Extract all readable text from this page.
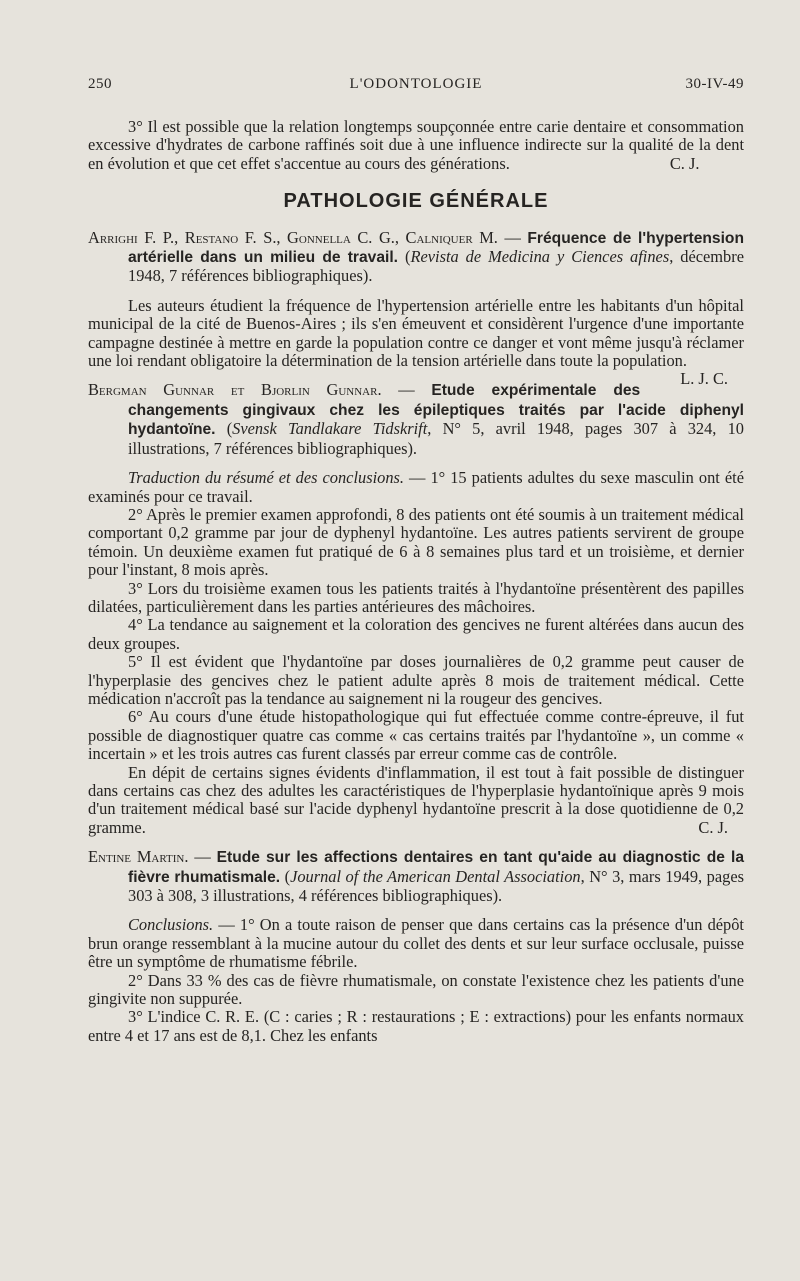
250	L'ODONTOLOGIE	30-IV-49

3° Il est possible que la relation longtemps soupçonnée entre carie dentaire et consommation excessive d'hydrates de carbone raffinés soit due à une influence indirecte sur la qualité de la dent en évolution et que cet effet s'accentue au cours des générations.	C. J.

PATHOLOGIE GÉNÉRALE

Arrighi F. P., Restano F. S., Gonnella C. G., Calniquer M. — Fréquence de l'hypertension artérielle dans un milieu de travail. (Revista de Medicina y Ciences afines, décembre 1948, 7 références bibliographiques).

Les auteurs étudient la fréquence de l'hypertension artérielle entre les habitants d'un hôpital municipal de la cité de Buenos-Aires ; ils s'en émeuvent et considèrent l'urgence d'une importante campagne destinée à mettre en garde la population contre ce danger et vont même jusqu'à réclamer une loi rendant obligatoire la détermination de la tension artérielle dans toute la population.
L. J. C.

Bergman Gunnar et Bjorlin Gunnar. — Etude expérimentale des changements gingivaux chez les épileptiques traités par l'acide diphenyl hydantoïne. (Svensk Tandlakare Tidskrift, N° 5, avril 1948, pages 307 à 324, 10 illustrations, 7 références bibliographiques).

Traduction du résumé et des conclusions. — 1° 15 patients adultes du sexe masculin ont été examinés pour ce travail.

2° Après le premier examen approfondi, 8 des patients ont été soumis à un traitement médical comportant 0,2 gramme par jour de dyphenyl hydantoïne. Les autres patients servirent de groupe témoin. Un deuxième examen fut pratiqué de 6 à 8 semaines plus tard et un troisième, et dernier pour l'instant, 8 mois après.

3° Lors du troisième examen tous les patients traités à l'hydantoïne présentèrent des papilles dilatées, particulièrement dans les parties antérieures des mâchoires.

4° La tendance au saignement et la coloration des gencives ne furent altérées dans aucun des deux groupes.

5° Il est évident que l'hydantoïne par doses journalières de 0,2 gramme peut causer de l'hyperplasie des gencives chez le patient adulte après 8 mois de traitement médical. Cette médication n'accroît pas la tendance au saignement ni la rougeur des gencives.

6° Au cours d'une étude histopathologique qui fut effectuée comme contre-épreuve, il fut possible de diagnostiquer quatre cas comme « cas certains traités par l'hydantoïne », un comme « incertain » et les trois autres cas furent classés par erreur comme cas de contrôle.

En dépit de certains signes évidents d'inflammation, il est tout à fait possible de distinguer dans certains cas chez des adultes les caractéristiques de l'hyperplasie hydantoïnique après 9 mois d'un traitement médical basé sur l'acide dyphenyl hydantoïne prescrit à la dose quotidienne de 0,2 gramme.	C. J.

Entine Martin. — Etude sur les affections dentaires en tant qu'aide au diagnostic de la fièvre rhumatismale. (Journal of the American Dental Association, N° 3, mars 1949, pages 303 à 308, 3 illustrations, 4 références bibliographiques).

Conclusions. — 1° On a toute raison de penser que dans certains cas la présence d'un dépôt brun orange ressemblant à la mucine autour du collet des dents et sur leur surface occlusale, puisse être un symptôme de rhumatisme fébrile.

2° Dans 33 % des cas de fièvre rhumatismale, on constate l'existence chez les patients d'une gingivite non suppurée.

3° L'indice C. R. E. (C : caries ; R : restaurations ; E : extractions) pour les enfants normaux entre 4 et 17 ans est de 8,1. Chez les enfants
